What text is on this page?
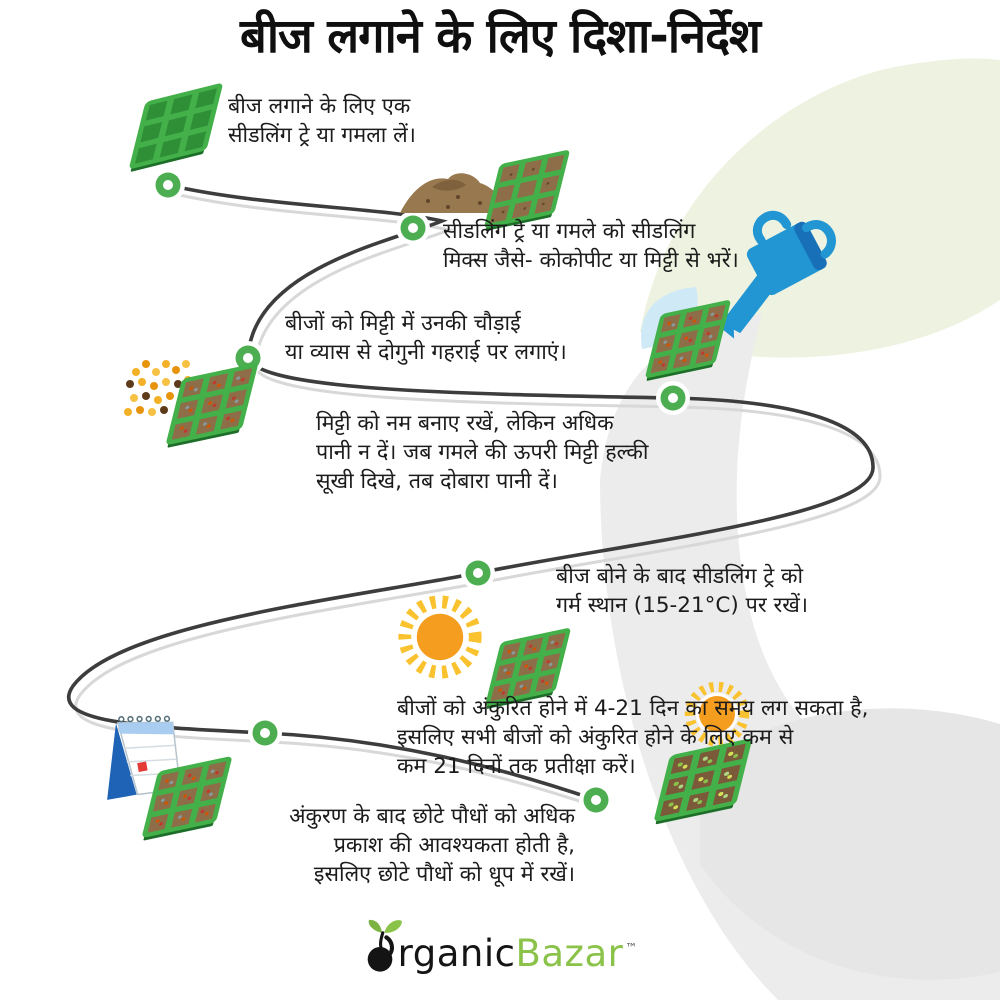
बीज लगाने के लिए दिशा-निर्देश
बीज लगाने के लिए एक
सीडलिंग ट्रे या गमला लें।
सीडलिंग ट्रे या गमले को सीडलिंग
मिक्स जैसे- कोकोपीट या मिट्टी से भरें।
बीजों को मिट्टी में उनकी चौड़ाई
या व्यास से दोगुनी गहराई पर लगाएं।
मिट्टी को नम बनाए रखें, लेकिन अधिक
पानी न दें। जब गमले की ऊपरी मिट्टी हल्की
सूखी दिखे, तब दोबारा पानी दें।
बीज बोने के बाद सीडलिंग ट्रे को
गर्म स्थान (15-21°C) पर रखें।
बीजों को अंकुरित होने में 4-21 दिन का समय लग सकता है,
इसलिए सभी बीजों को अंकुरित होने के लिए कम से
कम 21 दिनों तक प्रतीक्षा करें।
अंकुरण के बाद छोटे पौधों को अधिक
प्रकाश की आवश्यकता होती है,
इसलिए छोटे पौधों को धूप में रखें।
rganic Bazar ™
